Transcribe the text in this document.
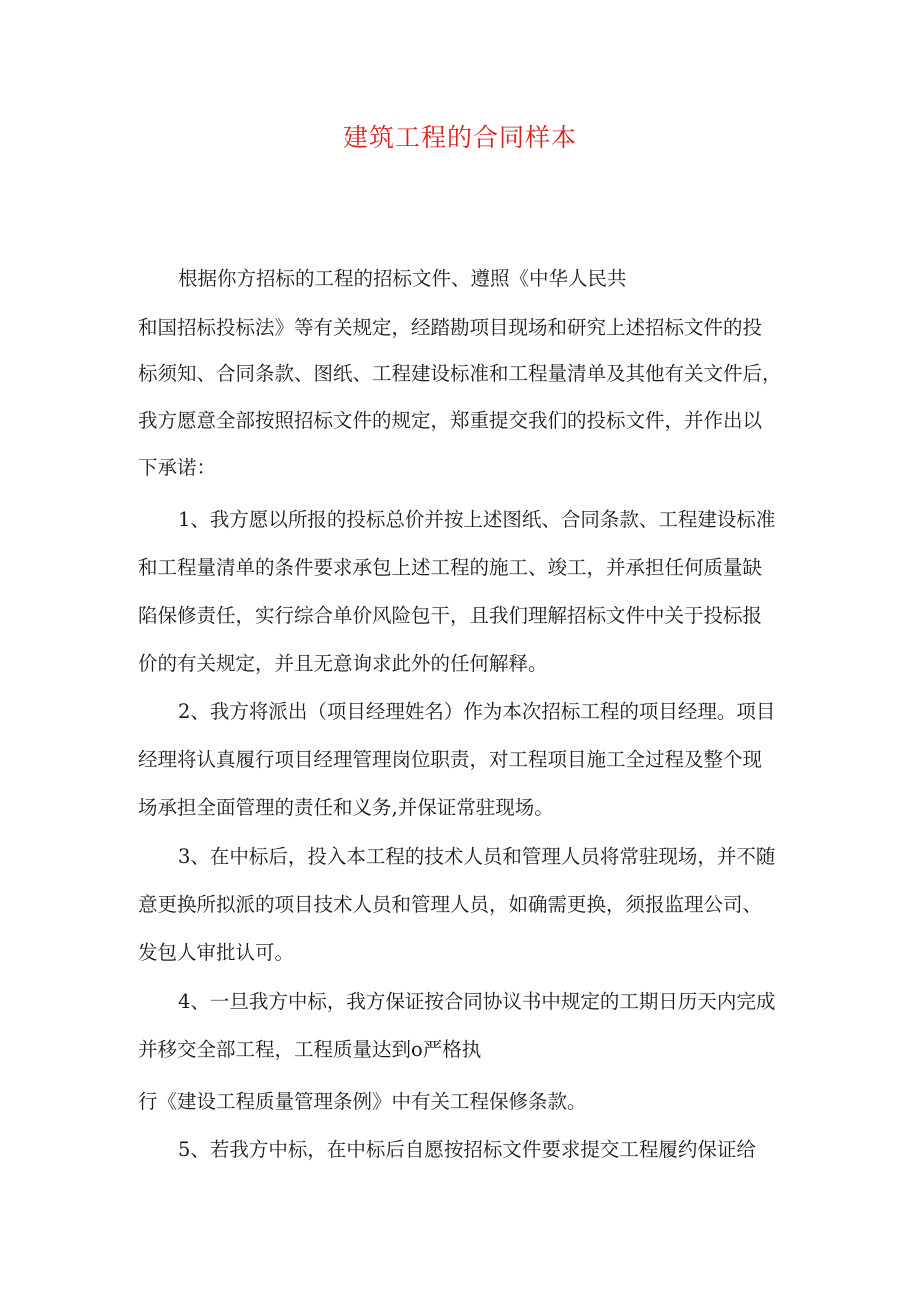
建筑工程的合同样本
根据你方招标的工程的招标文件、遵照《中华人民共
和国招标投标法》等有关规定，经踏勘项目现场和研究上述招标文件的投
标须知、合同条款、图纸、工程建设标准和工程量清单及其他有关文件后，
我方愿意全部按照招标文件的规定，郑重提交我们的投标文件，并作出以
下承诺：
1、我方愿以所报的投标总价并按上述图纸、合同条款、工程建设标准
和工程量清单的条件要求承包上述工程的施工、竣工，并承担任何质量缺
陷保修责任，实行综合单价风险包干，且我们理解招标文件中关于投标报
价的有关规定，并且无意询求此外的任何解释。
2、我方将派出（项目经理姓名）作为本次招标工程的项目经理。项目
经理将认真履行项目经理管理岗位职责，对工程项目施工全过程及整个现
场承担全面管理的责任和义务,并保证常驻现场。
3、在中标后，投入本工程的技术人员和管理人员将常驻现场，并不随
意更换所拟派的项目技术人员和管理人员，如确需更换，须报监理公司、
发包人审批认可。
4、一旦我方中标，我方保证按合同协议书中规定的工期日历天内完成
并移交全部工程，工程质量达到o严格执
行《建设工程质量管理条例》中有关工程保修条款。
5、若我方中标，在中标后自愿按招标文件要求提交工程履约保证给
